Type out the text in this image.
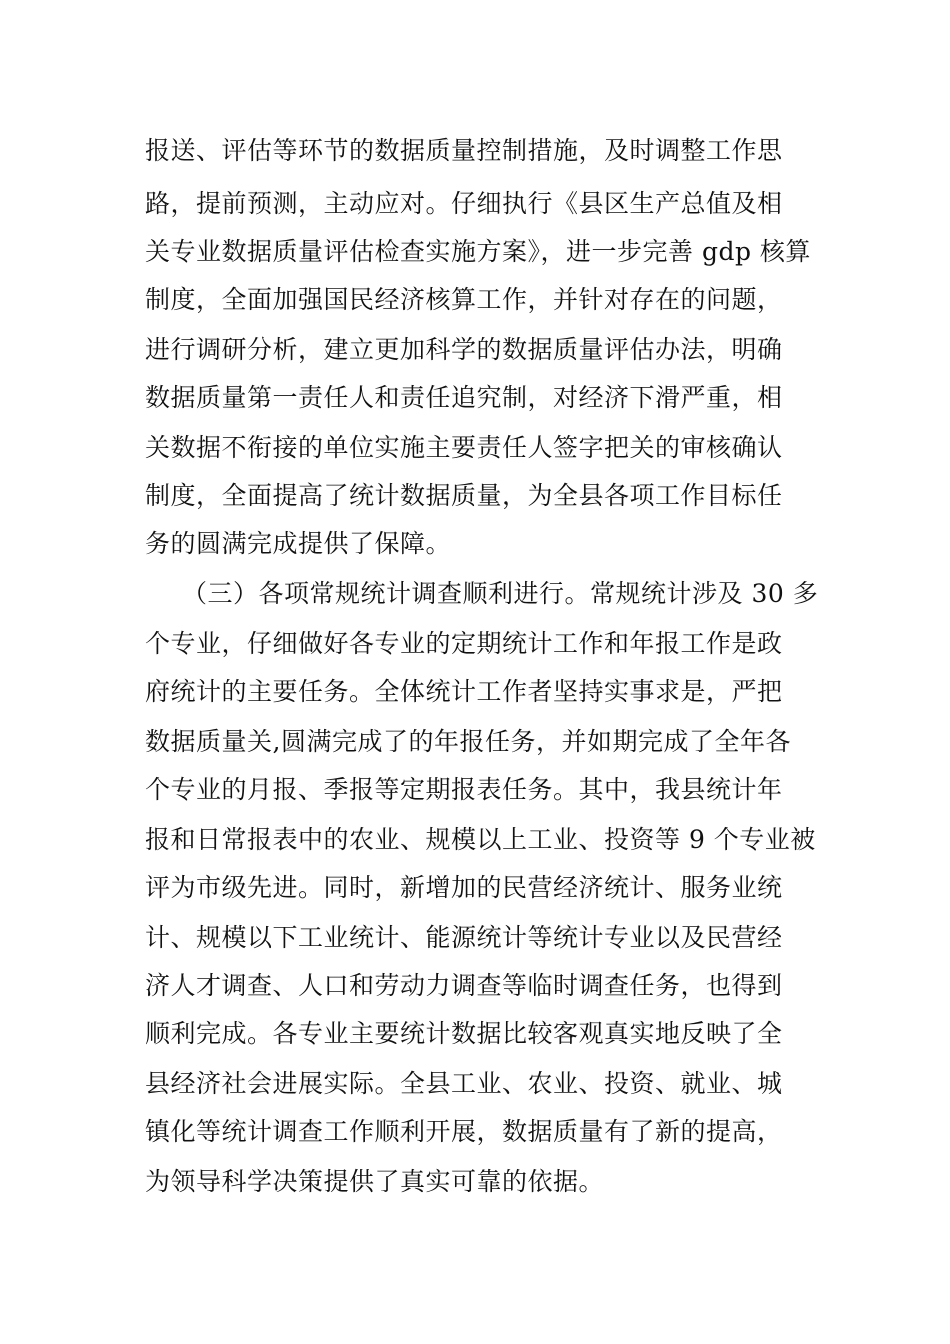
报送、评估等环节的数据质量控制措施，及时调整工作思
路，提前预测，主动应对。仔细执行《县区生产总值及相
关专业数据质量评估检查实施方案》，进一步完善 gdp 核算
制度，全面加强国民经济核算工作，并针对存在的问题，
进行调研分析，建立更加科学的数据质量评估办法，明确
数据质量第一责任人和责任追究制，对经济下滑严重，相
关数据不衔接的单位实施主要责任人签字把关的审核确认
制度，全面提高了统计数据质量，为全县各项工作目标任
务的圆满完成提供了保障。
（三）各项常规统计调查顺利进行。常规统计涉及 30 多
个专业，仔细做好各专业的定期统计工作和年报工作是政
府统计的主要任务。全体统计工作者坚持实事求是，严把
数据质量关,圆满完成了的年报任务，并如期完成了全年各
个专业的月报、季报等定期报表任务。其中，我县统计年
报和日常报表中的农业、规模以上工业、投资等 9 个专业被
评为市级先进。同时，新增加的民营经济统计、服务业统
计、规模以下工业统计、能源统计等统计专业以及民营经
济人才调查、人口和劳动力调查等临时调查任务，也得到
顺利完成。各专业主要统计数据比较客观真实地反映了全
县经济社会进展实际。全县工业、农业、投资、就业、城
镇化等统计调查工作顺利开展，数据质量有了新的提高，
为领导科学决策提供了真实可靠的依据。
